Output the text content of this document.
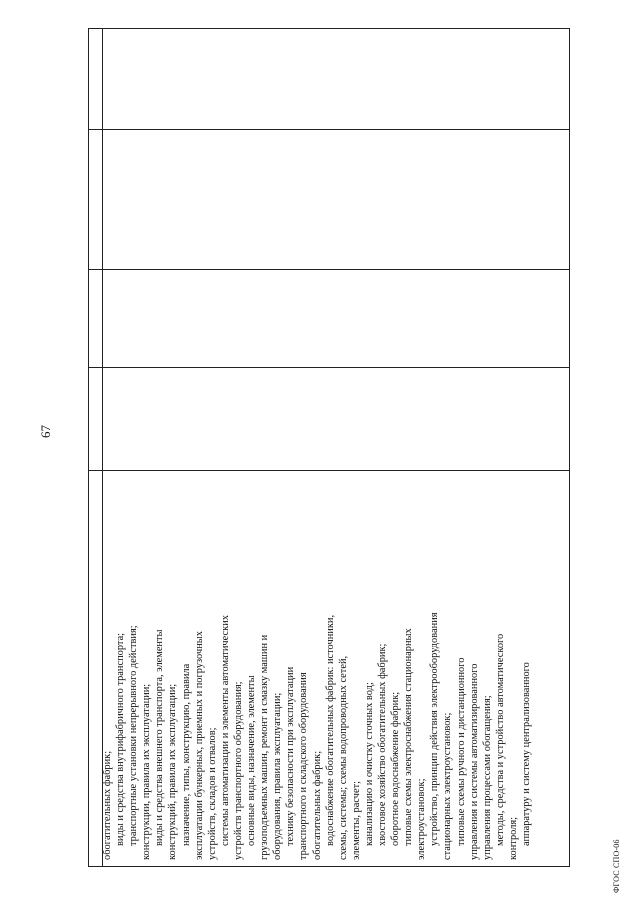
67

обогатительных фабрик; виды и средства внутрифабричного транспорта; транспортные установки непрерывного действия; конструкции, правила их эксплуатации; виды и средства внешнего транспорта, элементы конструкций, правила их эксплуатации; назначение, типы, конструкцию, правила эксплуатации бункерных, приемных и погрузочных устройств, складов и отвалов; системы автоматизации и элементы автоматических устройств транспортного оборудования; основные виды, назначение, элементы грузоподъемных машин, ремонт и смазку машин и оборудования, правила эксплуатации; технику безопасности при эксплуатации транспортного и складского оборудования обогатительных фабрик; водоснабжение обогатительных фабрик: источники, схемы, системы; схемы водопроводных сетей, элементы, расчет; канализацию и очистку сточных вод; хвостовое хозяйство обогатительных фабрик; оборотное водоснабжение фабрик; типовые схемы электроснабжения стационарных электроустановок; устройство, принцип действия электрооборудования стационарных электроустановок; типовые схемы ручного и дистанционного управления и системы автоматизированного управления процессами обогащения; методы, средства и устройство автоматического контроля; аппаратуру и систему централизованного

ФГОС СПО-06
